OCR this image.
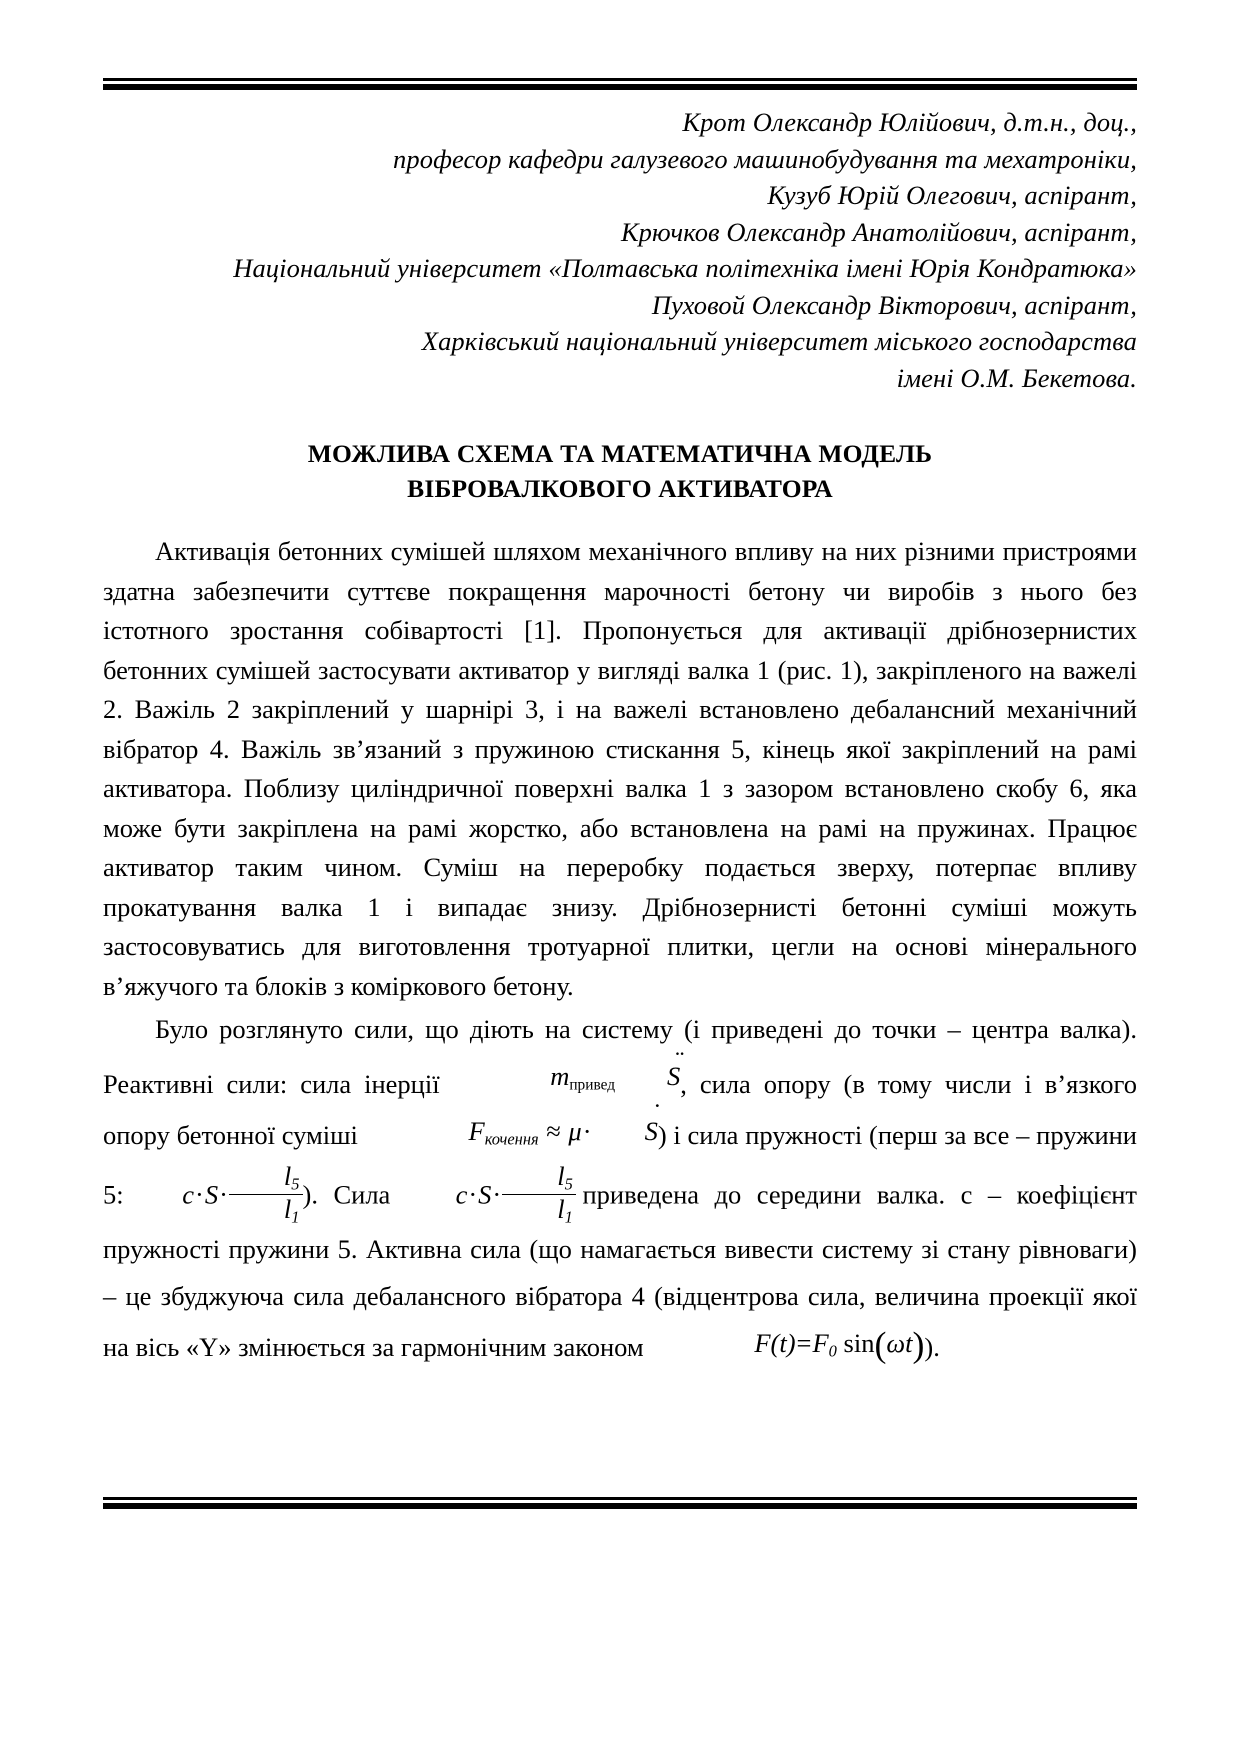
Крот Олександр Юлійович, д.т.н., доц.,
професор кафедри галузевого машинобудування та мехатроніки,
Кузуб Юрій Олегович, аспірант,
Крючков Олександр Анатолійович, аспірант,
Національний університет «Полтавська політехніка імені Юрія Кондратюка»
Пуховой Олександр Вікторович, аспірант,
Харківський національний університет міського господарства
імені О.М. Бекетова.
МОЖЛИВА СХЕМА ТА МАТЕМАТИЧНА МОДЕЛЬ
ВІБРОВАЛКОВОГО АКТИВАТОРА

Активація бетонних сумішей шляхом механічного впливу на них різними пристроями здатна забезпечити суттєве покращення марочності бетону чи виробів з нього без істотного зростання собівартості [1]. Пропонується для активації дрібнозернистих бетонних сумішей застосувати активатор у вигляді валка 1 (рис. 1), закріпленого на важелі 2. Важіль 2 закріплений у шарнірі 3, і на важелі встановлено дебалансний механічний вібратор 4. Важіль зв’язаний з пружиною стискання 5, кінець якої закріплений на рамі активатора. Поблизу циліндричної поверхні валка 1 з зазором встановлено скобу 6, яка може бути закріплена на рамі жорстко, або встановлена на рамі на пружинах. Працює активатор таким чином. Суміш на переробку подається зверху, потерпає впливу прокатування валка 1 і випадає знизу. Дрібнозернисті бетонні суміші можуть застосовуватись для виготовлення тротуарної плитки, цегли на основі мінерального в’яжучого та блоків з коміркового бетону.

Було розглянуто сили, що діють на систему (і приведені до точки – центра валка). Реактивні сили: сила інерції	mпривед S ¨, сила опору (в тому числи і в’язкого опору бетонної суміші	$F_{кочення} \approx \mu\cdot S$ ˙) і сила пружності (перш за все – пружини 5: $c\cdot S\cdot \frac{l_5}{l_1}$ ). Сила $c\cdot S\cdot \frac{l_5}{l_1}$ приведена до середини валка. с – коефіцієнт пружності пружини 5. Активна сила (що намагається вивести систему зі стану рівноваги) – це збуджуюча сила дебалансного вібратора 4 (відцентрова сила, величина проекції якої на вісь «Y» змінюється за гармонічним законом	$F(t)=F_0$ sin(ωt)).
